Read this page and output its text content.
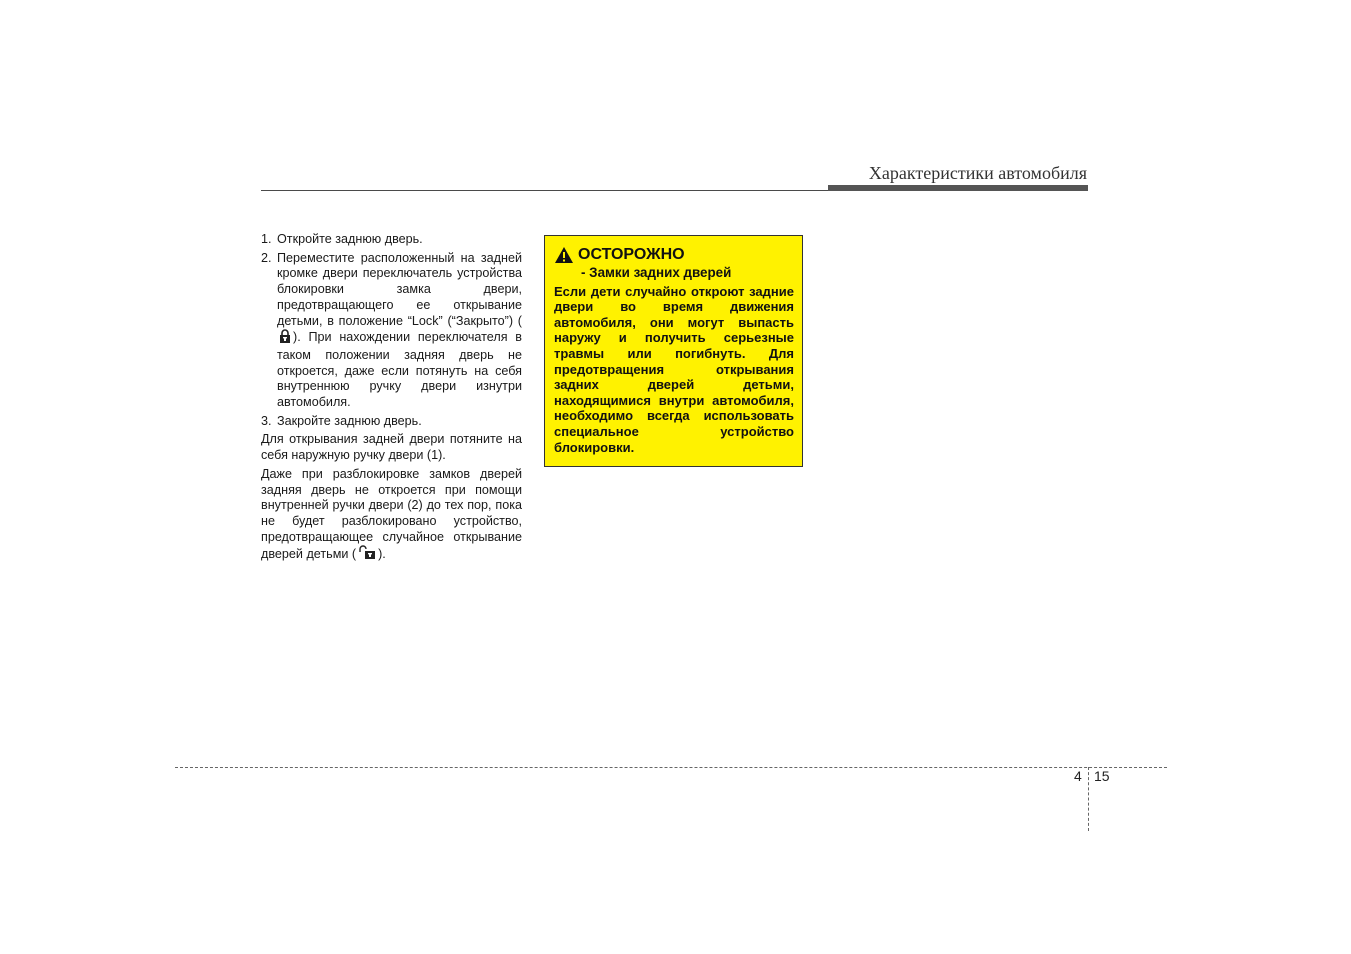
Характеристики автомобиля
1. Откройте заднюю дверь.
2. Переместите расположенный на задней кромке двери переключатель устройства блокировки замка двери, предотвращающего ее открывание детьми, в положение “Lock” (“Закрыто”) (). При нахождении переключателя в таком положении задняя дверь не откроется, даже если потянуть на себя внутреннюю ручку двери изнутри автомобиля.
3. Закройте заднюю дверь.

Для открывания задней двери потяните на себя наружную ручку двери (1).

Даже при разблокировке замков дверей задняя дверь не откроется при помощи внутренней ручки двери (2) до тех пор, пока не будет разблокировано устройство, предотвращающее случайное открывание дверей детьми ( ).

ОСТОРОЖНО
- Замки задних дверей
Если дети случайно откроют задние двери во время движения автомобиля, они могут выпасть наружу и получить серьезные травмы или погибнуть. Для предотвращения открывания задних дверей детьми, находящимися внутри автомобиля, необходимо всегда использовать специальное устройство блокировки.
4 15
